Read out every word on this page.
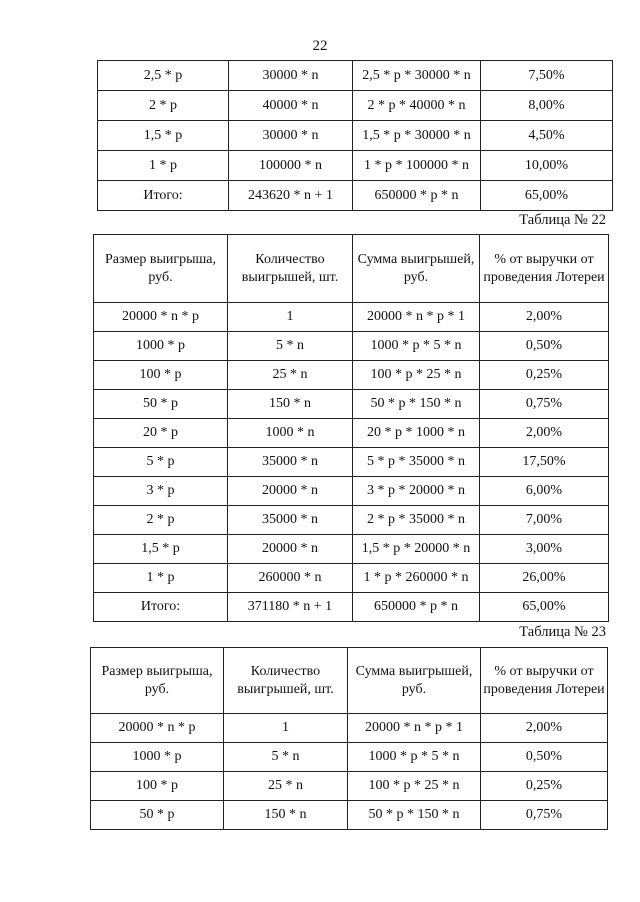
22
2,5 * p	30000 * n	2,5 * p * 30000 * n	7,50%
2 * p	40000 * n	2 * p * 40000 * n	8,00%
1,5 * p	30000 * n	1,5 * p * 30000 * n	4,50%
1 * p	100000 * n	1 * p * 100000 * n	10,00%
Итого:	243620 * n + 1	650000 * p * n	65,00%
Таблица № 22
Размер выигрыша, руб.	Количество выигрышей, шт.	Сумма выигрышей, руб.	% от выручки от проведения Лотереи
20000 * n * p	1	20000 * n * p * 1	2,00%
1000 * p	5 * n	1000 * p * 5 * n	0,50%
100 * p	25 * n	100 * p * 25 * n	0,25%
50 * p	150 * n	50 * p * 150 * n	0,75%
20 * p	1000 * n	20 * p * 1000 * n	2,00%
5 * p	35000 * n	5 * p * 35000 * n	17,50%
3 * p	20000 * n	3 * p * 20000 * n	6,00%
2 * p	35000 * n	2 * p * 35000 * n	7,00%
1,5 * p	20000 * n	1,5 * p * 20000 * n	3,00%
1 * p	260000 * n	1 * p * 260000 * n	26,00%
Итого:	371180 * n + 1	650000 * p * n	65,00%
Таблица № 23
Размер выигрыша, руб.	Количество выигрышей, шт.	Сумма выигрышей, руб.	% от выручки от проведения Лотереи
20000 * n * p	1	20000 * n * p * 1	2,00%
1000 * p	5 * n	1000 * p * 5 * n	0,50%
100 * p	25 * n	100 * p * 25 * n	0,25%
50 * p	150 * n	50 * p * 150 * n	0,75%
